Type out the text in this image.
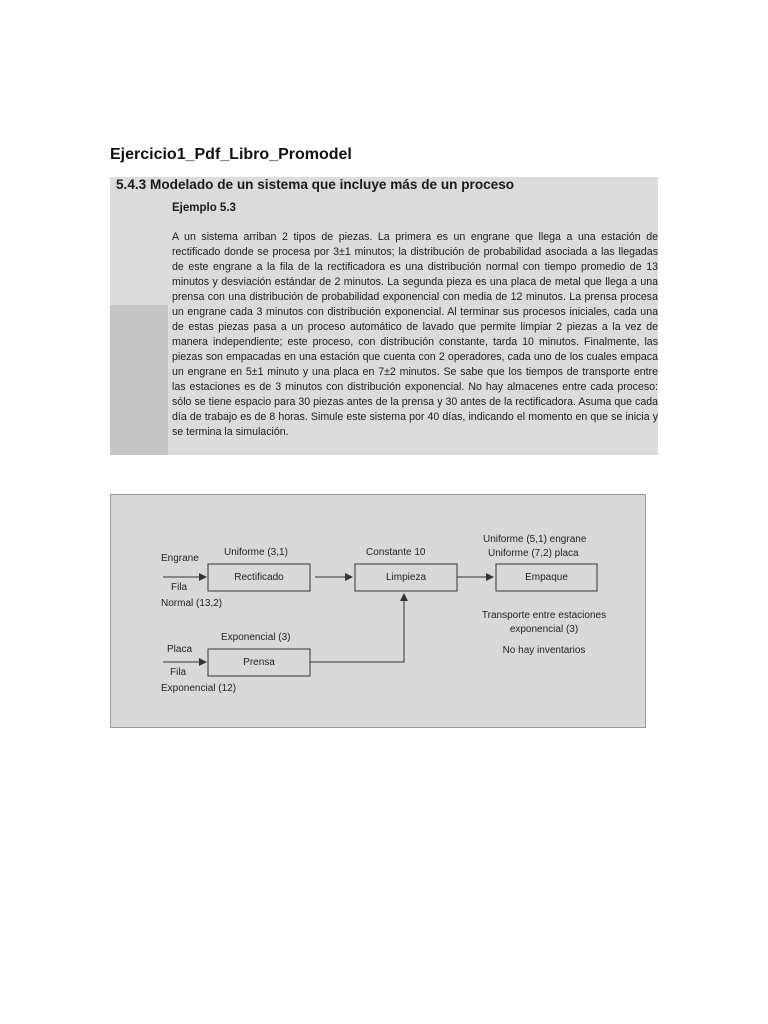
Ejercicio1_Pdf_Libro_Promodel
5.4.3 Modelado de un sistema que incluye más de un proceso
Ejemplo 5.3

A un sistema arriban 2 tipos de piezas. La primera es un engrane que llega a una estación de rectificado donde se procesa por 3±1 minutos; la distribución de probabilidad asociada a las llegadas de este engrane a la fila de la rectificadora es una distribución normal con tiempo promedio de 13 minutos y desviación estándar de 2 minutos. La segunda pieza es una placa de metal que llega a una prensa con una distribución de probabilidad exponencial con media de 12 minutos. La prensa procesa un engrane cada 3 minutos con distribución exponencial. Al terminar sus procesos iniciales, cada una de estas piezas pasa a un proceso automático de lavado que permite limpiar 2 piezas a la vez de manera independiente; este proceso, con distribución constante, tarda 10 minutos. Finalmente, las piezas son empacadas en una estación que cuenta con 2 operadores, cada uno de los cuales empaca un engrane en 5±1 minuto y una placa en 7±2 minutos. Se sabe que los tiempos de transporte entre las estaciones es de 3 minutos con distribución exponencial. No hay almacenes entre cada proceso: sólo se tiene espacio para 30 piezas antes de la prensa y 30 antes de la rectificadora. Asuma que cada día de trabajo es de 8 horas. Simule este sistema por 40 días, indicando el momento en que se inicia y se termina la simulación.

Engrane
Fila
Normal (13,2)
Uniforme (3,1)
Rectificado
Constante 10
Limpieza
Uniforme (5,1) engrane
Uniforme (7,2) placa
Empaque
Placa
Fila
Exponencial (12)
Exponencial (3)
Prensa
Transporte entre estaciones
exponencial (3)
No hay inventarios
